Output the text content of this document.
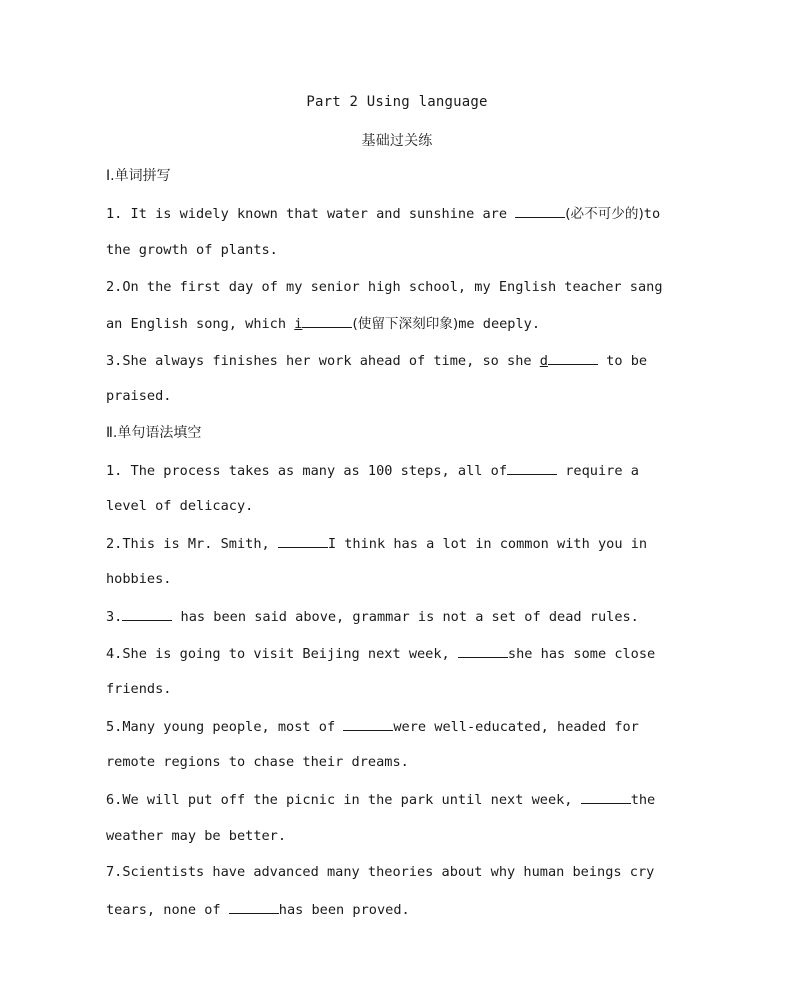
Part 2 Using language
基础过关练
Ⅰ.单词拼写
1. It is widely known that water and sunshine are	(必不可少的)to
the growth of plants.
2.On the first day of my senior high school, my English teacher sang
an English song, which i	(使留下深刻印象)me deeply.
3.She always finishes her work ahead of time, so she d	to be
praised.
Ⅱ.单句语法填空
1. The process takes as many as 100 steps, all of	require a
level of delicacy.
2.This is Mr. Smith,	I think has a lot in common with you in
hobbies.
3.	has been said above, grammar is not a set of dead rules.
4.She is going to visit Beijing next week,	she has some close
friends.
5.Many young people, most of	were well-educated, headed for
remote regions to chase their dreams.
6.We will put off the picnic in the park until next week,	the
weather may be better.
7.Scientists have advanced many theories about why human beings cry
tears, none of	has been proved.
